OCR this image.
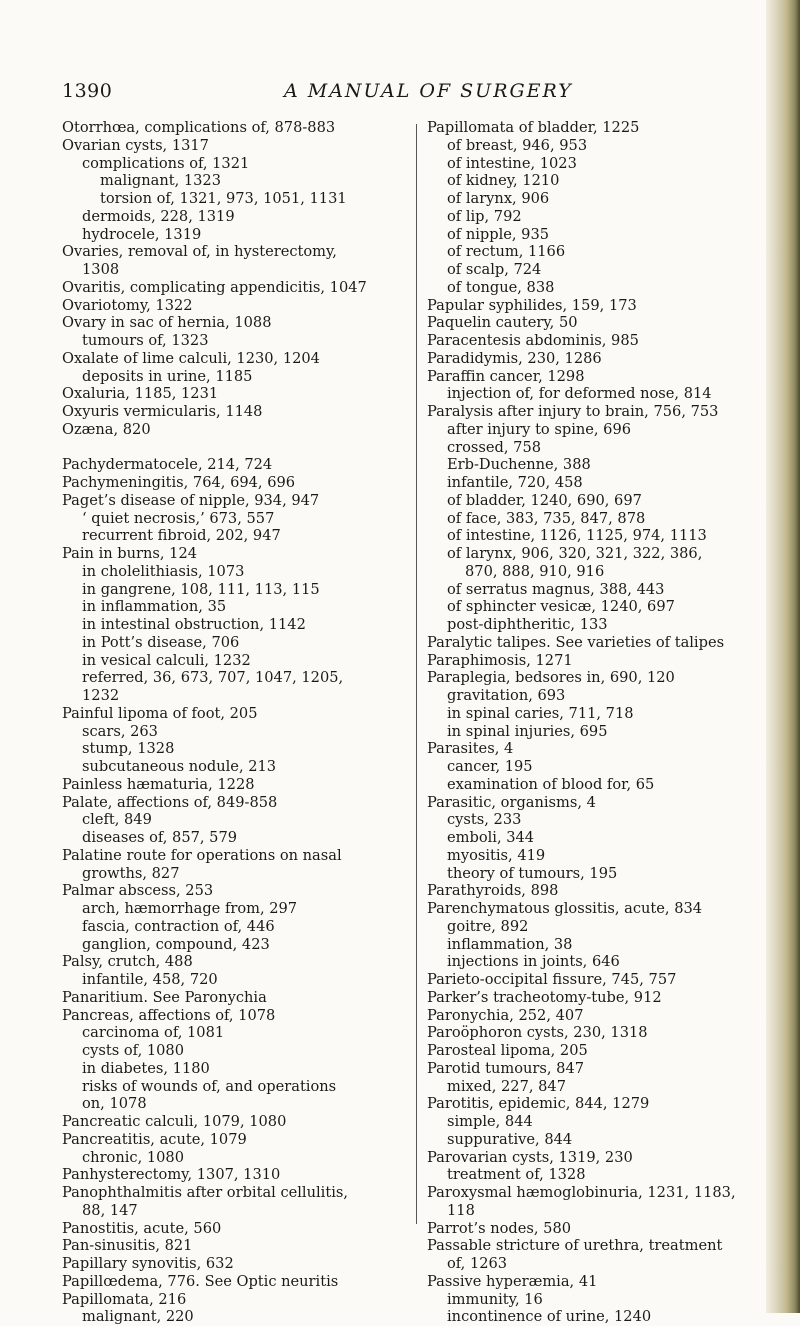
1390	A MANUAL OF SURGERY
Otorrhœa, complications of, 878-883
Ovarian cysts, 1317
complications of, 1321
malignant, 1323
torsion of, 1321, 973, 1051, 1131
dermoids, 228, 1319
hydrocele, 1319
Ovaries, removal of, in hysterectomy,
1308
Ovaritis, complicating appendicitis, 1047
Ovariotomy, 1322
Ovary in sac of hernia, 1088
tumours of, 1323
Oxalate of lime calculi, 1230, 1204
deposits in urine, 1185
Oxaluria, 1185, 1231
Oxyuris vermicularis, 1148
Ozæna, 820
Pachydermatocele, 214, 724
Pachymeningitis, 764, 694, 696
Paget’s disease of nipple, 934, 947
‘ quiet necrosis,’ 673, 557
recurrent fibroid, 202, 947
Pain in burns, 124
in cholelithiasis, 1073
in gangrene, 108, 111, 113, 115
in inflammation, 35
in intestinal obstruction, 1142
in Pott’s disease, 706
in vesical calculi, 1232
referred, 36, 673, 707, 1047, 1205,
1232
Painful lipoma of foot, 205
scars, 263
stump, 1328
subcutaneous nodule, 213
Painless hæmaturia, 1228
Palate, affections of, 849-858
cleft, 849
diseases of, 857, 579
Palatine route for operations on nasal
growths, 827
Palmar abscess, 253
arch, hæmorrhage from, 297
fascia, contraction of, 446
ganglion, compound, 423
Palsy, crutch, 488
infantile, 458, 720
Panaritium. See Paronychia
Pancreas, affections of, 1078
carcinoma of, 1081
cysts of, 1080
in diabetes, 1180
risks of wounds of, and operations
on, 1078
Pancreatic calculi, 1079, 1080
Pancreatitis, acute, 1079
chronic, 1080
Panhysterectomy, 1307, 1310
Panophthalmitis after orbital cellulitis,
88, 147
Panostitis, acute, 560
Pan-sinusitis, 821
Papillary synovitis, 632
Papillœdema, 776. See Optic neuritis
Papillomata, 216
malignant, 220
Papillomata of bladder, 1225
of breast, 946, 953
of intestine, 1023
of kidney, 1210
of larynx, 906
of lip, 792
of nipple, 935
of rectum, 1166
of scalp, 724
of tongue, 838
Papular syphilides, 159, 173
Paquelin cautery, 50
Paracentesis abdominis, 985
Paradidymis, 230, 1286
Paraffin cancer, 1298
injection of, for deformed nose, 814
Paralysis after injury to brain, 756, 753
after injury to spine, 696
crossed, 758
Erb-Duchenne, 388
infantile, 720, 458
of bladder, 1240, 690, 697
of face, 383, 735, 847, 878
of intestine, 1126, 1125, 974, 1113
of larynx, 906, 320, 321, 322, 386,
870, 888, 910, 916
of serratus magnus, 388, 443
of sphincter vesicæ, 1240, 697
post-diphtheritic, 133
Paralytic talipes. See varieties of talipes
Paraphimosis, 1271
Paraplegia, bedsores in, 690, 120
gravitation, 693
in spinal caries, 711, 718
in spinal injuries, 695
Parasites, 4
cancer, 195
examination of blood for, 65
Parasitic, organisms, 4
cysts, 233
emboli, 344
myositis, 419
theory of tumours, 195
Parathyroids, 898
Parenchymatous glossitis, acute, 834
goitre, 892
inflammation, 38
injections in joints, 646
Parieto-occipital fissure, 745, 757
Parker’s tracheotomy-tube, 912
Paronychia, 252, 407
Paroöphoron cysts, 230, 1318
Parosteal lipoma, 205
Parotid tumours, 847
mixed, 227, 847
Parotitis, epidemic, 844, 1279
simple, 844
suppurative, 844
Parovarian cysts, 1319, 230
treatment of, 1328
Paroxysmal hæmoglobinuria, 1231, 1183,
118
Parrot’s nodes, 580
Passable stricture of urethra, treatment
of, 1263
Passive hyperæmia, 41
immunity, 16
incontinence of urine, 1240
